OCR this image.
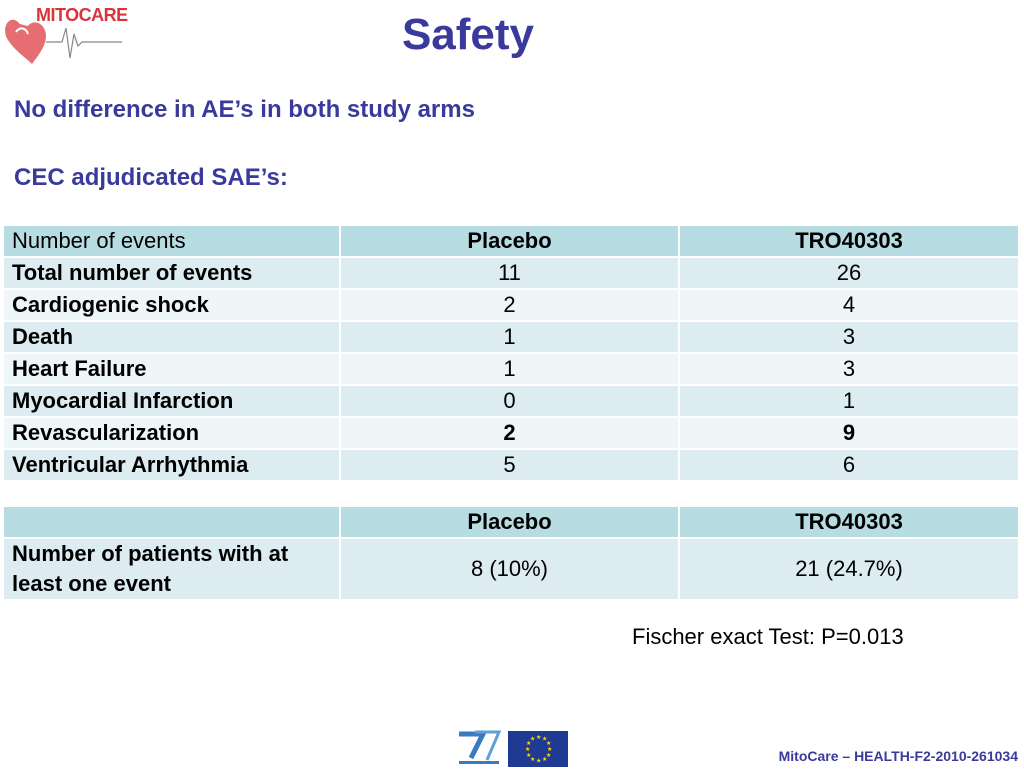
MITOCARE	Safety

No difference in AE’s in both study arms

CEC adjudicated SAE’s:

Number of events	Placebo	TRO40303
Total number of events	11	26
Cardiogenic shock	2	4
Death	1	3
Heart Failure	1	3
Myocardial Infarction	0	1
Revascularization	2	9
Ventricular Arrhythmia	5	6
	Placebo	TRO40303
Number of patients with at least one event	8 (10%)	21 (24.7%)

Fischer exact Test: P=0.013

★ ★
★
★
★
★
★
★
★
★
★
★
MitoCare – HEALTH-F2-2010-261034
